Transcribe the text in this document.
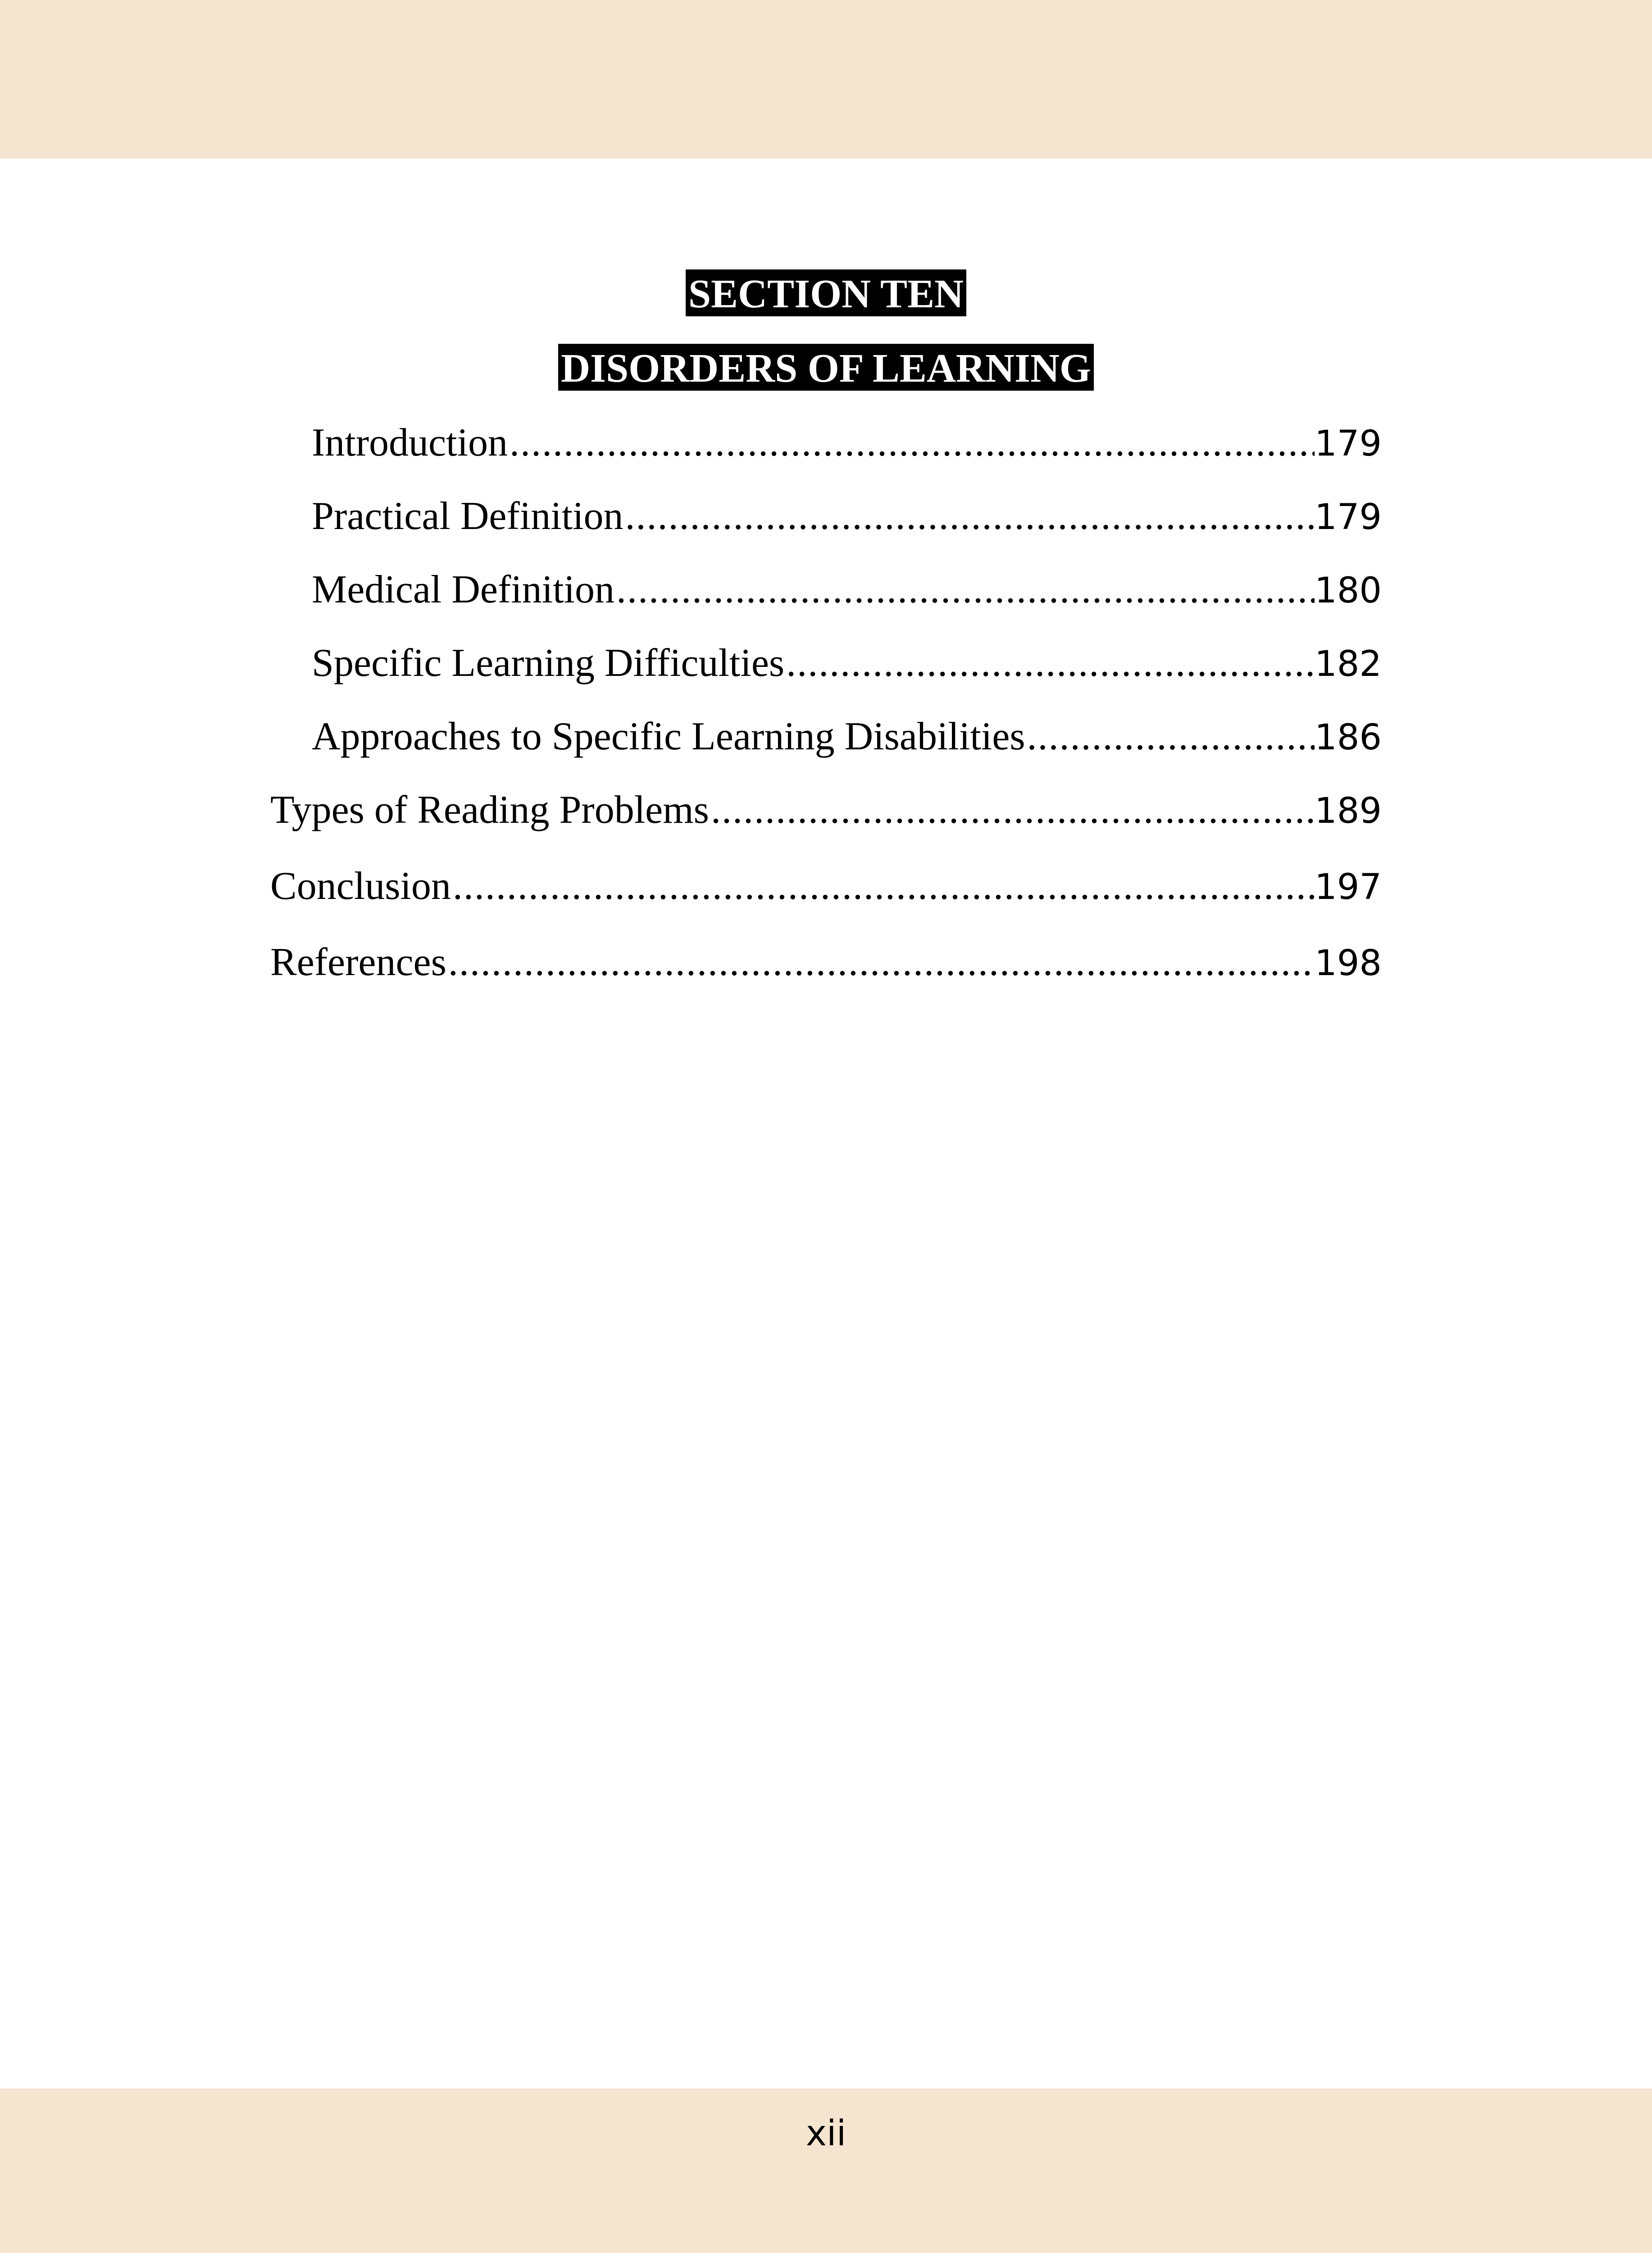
SECTION TEN
DISORDERS OF LEARNING
Introduction .....	179
Practical Definition .....	179
Medical Definition .....	180
Specific Learning Difficulties .....	182
Approaches to Specific Learning Disabilities .....	186
Types of Reading Problems .....	189
Conclusion .....	197
References .....	198
xii
